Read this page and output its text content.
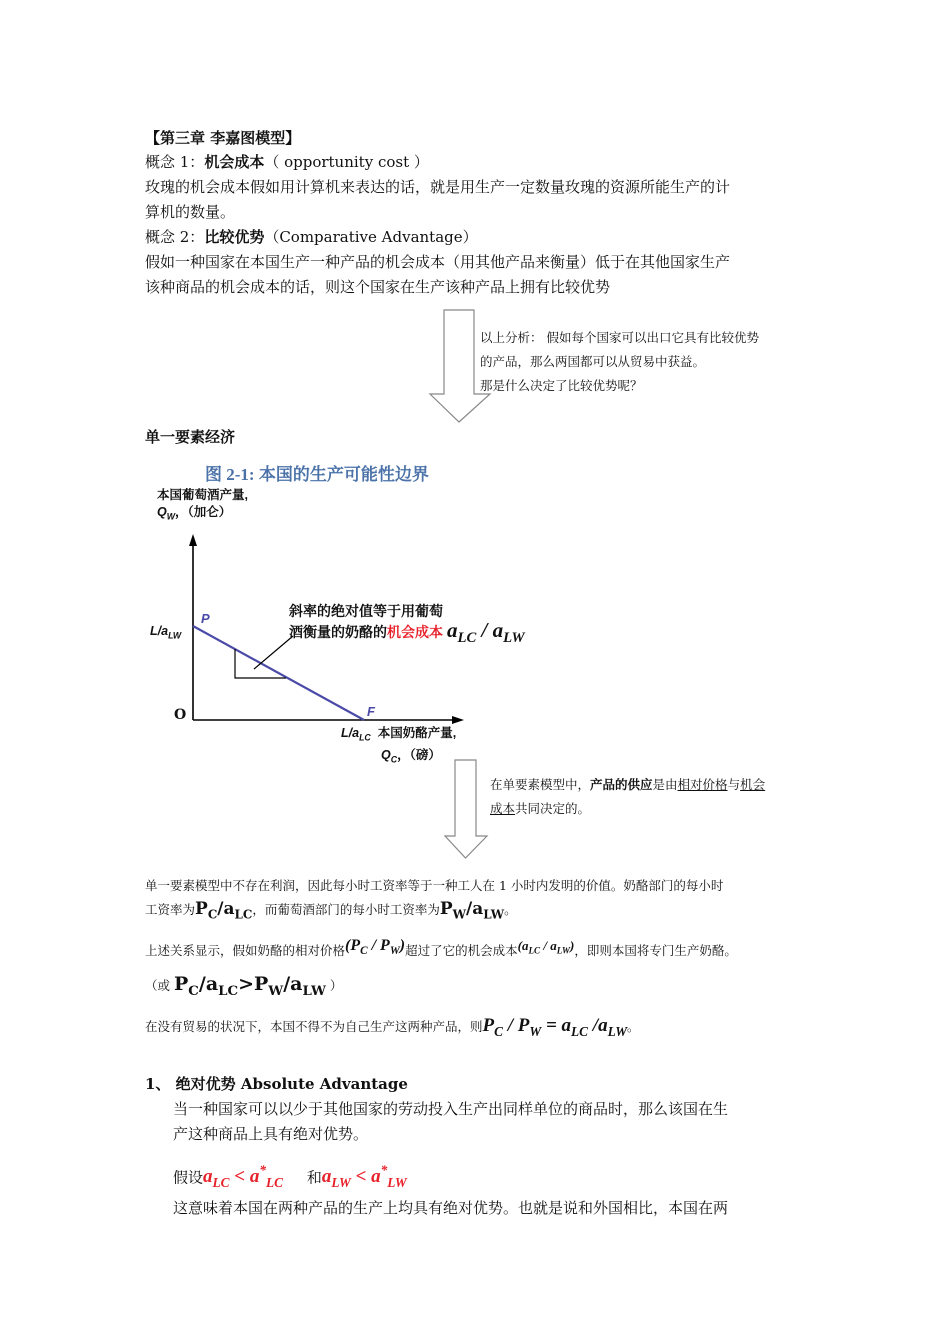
【第三章 李嘉图模型】
概念 1：机会成本（ opportunity cost ）
玫瑰的机会成本假如用计算机来表达的话，就是用生产一定数量玫瑰的资源所能生产的计
算机的数量。
概念 2：比较优势（Comparative Advantage）
假如一种国家在本国生产一种产品的机会成本（用其他产品来衡量）低于在其他国家生产
该种商品的机会成本的话，则这个国家在生产该种产品上拥有比较优势
以上分析： 假如每个国家可以出口它具有比较优势
的产品，那么两国都可以从贸易中获益。
那是什么决定了比较优势呢？
单一要素经济
图 2-1: 本国的生产可能性边界
本国葡萄酒产量,
$Q_W$，（加仑）
$L/a_{LW}$
P
F
O
$L/a_{LC}$ 本国奶酪产量,
$Q_C$，（磅）
斜率的绝对值等于用葡萄
酒衡量的奶酪的机会成本 $a_{LC} / a_{LW}$
在单要素模型中，产品的供应是由相对价格与机会
成本共同决定的。
单一要素模型中不存在利润，因此每小时工资率等于一种工人在 1 小时内发明的价值。奶酪部门的每小时
工资率为$P_C/a_{LC}$，而葡萄酒部门的每小时工资率为$P_W/a_{LW}$。
上述关系显示，假如奶酪的相对价格$(P_C / P_W)$超过了它的机会成本$(a_{LC} / a_{LW})$，即则本国将专门生产奶酪。
（或 $P_C/a_{LC}>P_W/a_{LW}$ ）
在没有贸易的状况下，本国不得不为自己生产这两种产品，则$P_C / P_W = a_{LC}$ $/a_{LW}$。
1、 绝对优势 Absolute Advantage
当一种国家可以以少于其他国家的劳动投入生产出同样单位的商品时，那么该国在生
产这种商品上具有绝对优势。
假设$a_{LC} < a^*_{LC}$ 和$a_{LW} < a^*_{LW}$
这意味着本国在两种产品的生产上均具有绝对优势。也就是说和外国相比，本国在两
